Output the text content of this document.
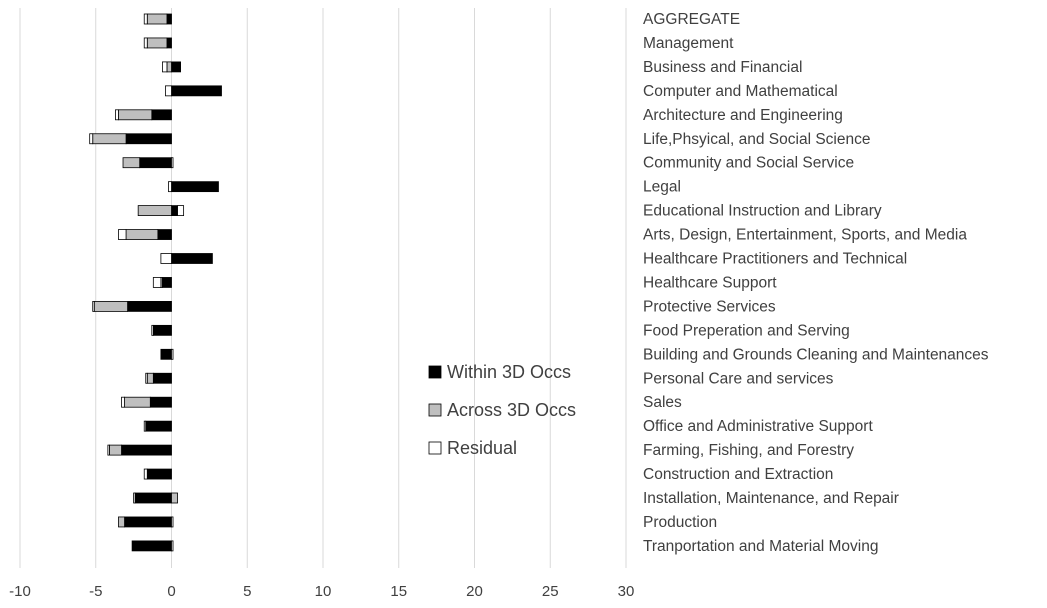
-10	-5	0	5	10	15	20	25	30
AGGREGATE
Management
Business and Financial
Computer and Mathematical
Architecture and Engineering
Life,Phsyical, and Social Science
Community and Social Service
Legal
Educational Instruction and Library
Arts, Design, Entertainment, Sports, and Media
Healthcare Practitioners and Technical
Healthcare Support
Protective Services
Food Preperation and Serving
Building and Grounds Cleaning and Maintenances
Personal Care and services
Sales
Office and Administrative Support
Farming, Fishing, and Forestry
Construction and Extraction
Installation, Maintenance, and Repair
Production
Tranportation and Material Moving
Within 3D Occs
Across 3D Occs
Residual
